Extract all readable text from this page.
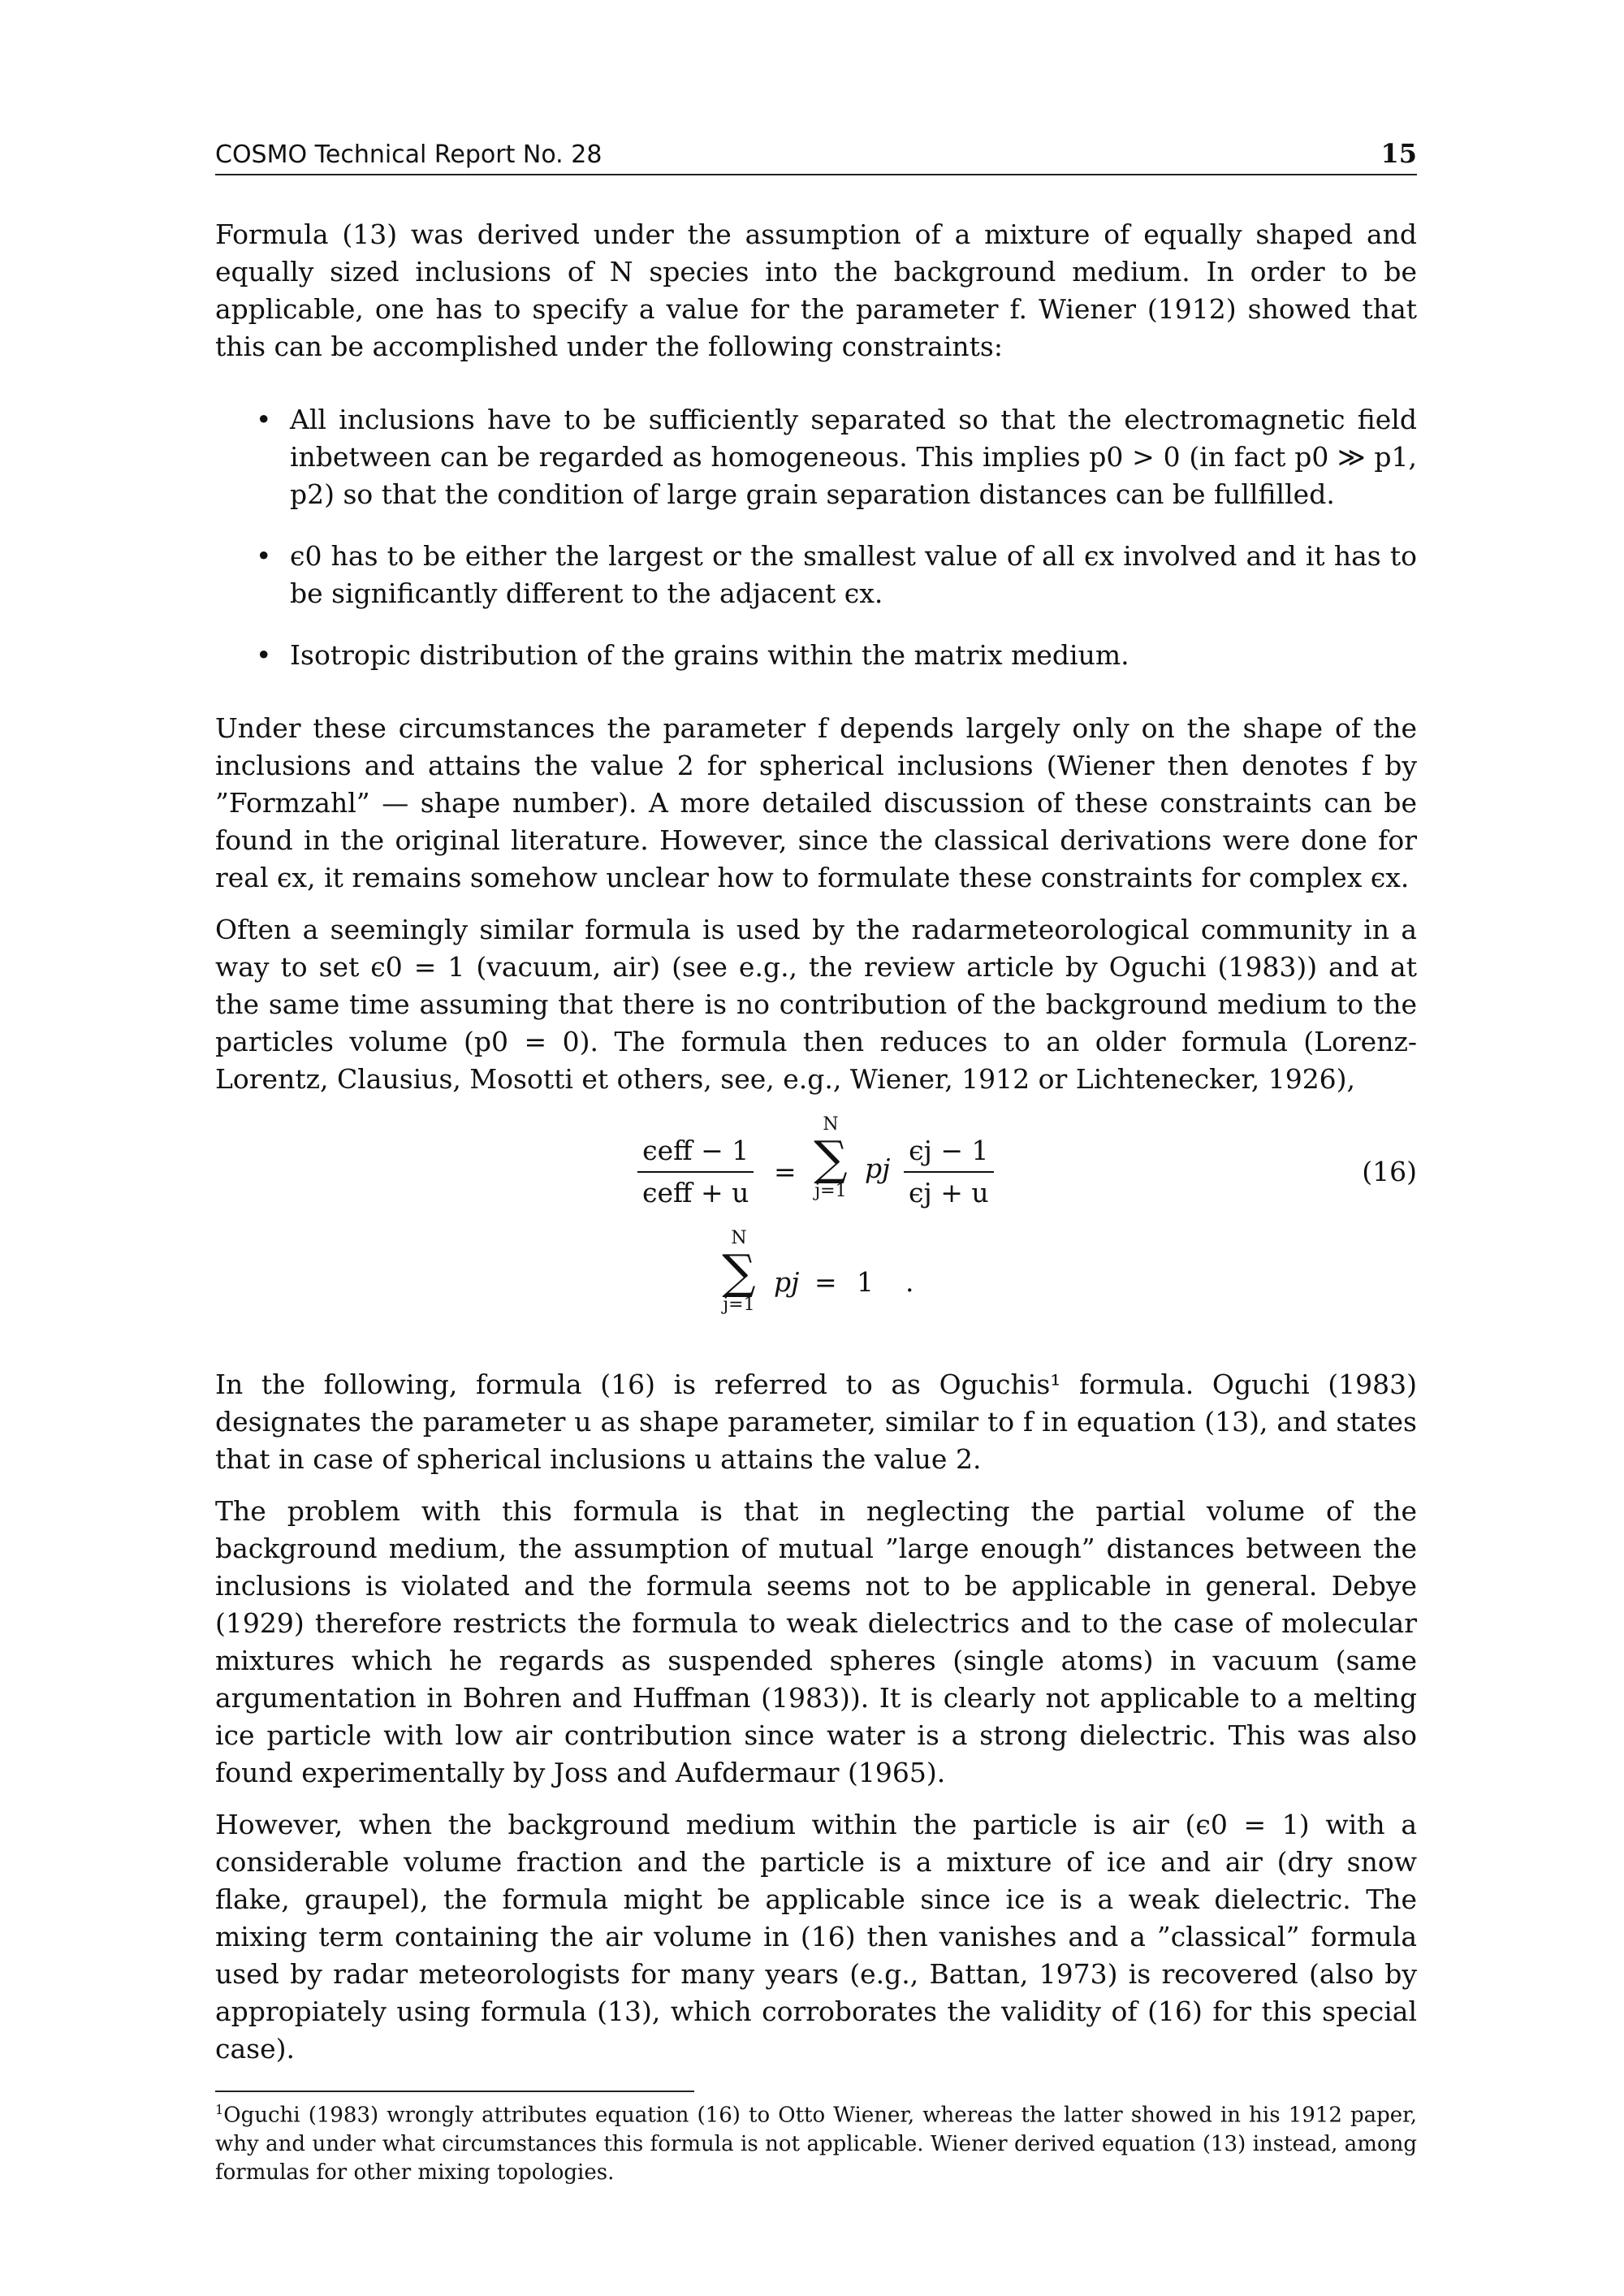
COSMO Technical Report No. 28	15

Formula (13) was derived under the assumption of a mixture of equally shaped and equally sized inclusions of N species into the background medium. In order to be applicable, one has to specify a value for the parameter f. Wiener (1912) showed that this can be accomplished under the following constraints:

• All inclusions have to be sufficiently separated so that the electromagnetic field inbetween can be regarded as homogeneous. This implies p0 > 0 (in fact p0 ≫ p1, p2) so that the condition of large grain separation distances can be fullfilled.
• ϵ0 has to be either the largest or the smallest value of all ϵx involved and it has to be significantly different to the adjacent ϵx.
• Isotropic distribution of the grains within the matrix medium.

Under these circumstances the parameter f depends largely only on the shape of the inclusions and attains the value 2 for spherical inclusions (Wiener then denotes f by ”Formzahl” — shape number). A more detailed discussion of these constraints can be found in the original literature. However, since the classical derivations were done for real ϵx, it remains somehow unclear how to formulate these constraints for complex ϵx.

Often a seemingly similar formula is used by the radarmeteorological community in a way to set ϵ0 = 1 (vacuum, air) (see e.g., the review article by Oguchi (1983)) and at the same time assuming that there is no contribution of the background medium to the particles volume (p0 = 0). The formula then reduces to an older formula (Lorenz-Lorentz, Clausius, Mosotti et others, see, e.g., Wiener, 1912 or Lichtenecker, 1926),

ϵeff − 1
ϵeff + u
=
N
∑
j=1
pj $\frac{\epsilon j - 1}{\epsilon j + u}$	(16)
N
∑
j=1
pj = 1 .

In the following, formula (16) is referred to as Oguchis¹ formula. Oguchi (1983) designates the parameter u as shape parameter, similar to f in equation (13), and states that in case of spherical inclusions u attains the value 2.

The problem with this formula is that in neglecting the partial volume of the background medium, the assumption of mutual ”large enough” distances between the inclusions is violated and the formula seems not to be applicable in general. Debye (1929) therefore restricts the formula to weak dielectrics and to the case of molecular mixtures which he regards as suspended spheres (single atoms) in vacuum (same argumentation in Bohren and Huffman (1983)). It is clearly not applicable to a melting ice particle with low air contribution since water is a strong dielectric. This was also found experimentally by Joss and Aufdermaur (1965).

However, when the background medium within the particle is air (ϵ0 = 1) with a considerable volume fraction and the particle is a mixture of ice and air (dry snow flake, graupel), the formula might be applicable since ice is a weak dielectric. The mixing term containing the air volume in (16) then vanishes and a ”classical” formula used by radar meteorologists for many years (e.g., Battan, 1973) is recovered (also by appropiately using formula (13), which corroborates the validity of (16) for this special case).

$^1$Oguchi (1983) wrongly attributes equation (16) to Otto Wiener, whereas the latter showed in his 1912 paper, why and under what circumstances this formula is not applicable. Wiener derived equation (13) instead, among formulas for other mixing topologies.
